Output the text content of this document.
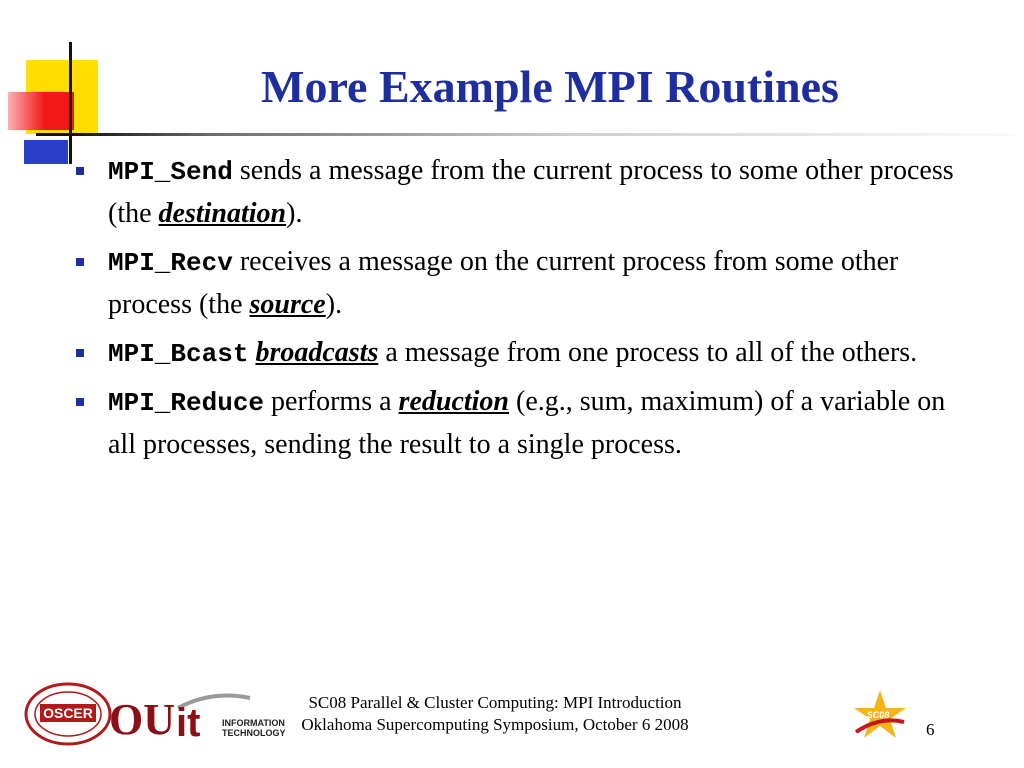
More Example MPI Routines
MPI_Send sends a message from the current process to some other process (the destination).
MPI_Recv receives a message on the current process from some other process (the source).
MPI_Bcast broadcasts a message from one process to all of the others.
MPI_Reduce performs a reduction (e.g., sum, maximum) of a variable on all processes, sending the result to a single process.
OSCER OU it INFORMATION
TECHNOLOGY
SC08
SC08 Parallel & Cluster Computing: MPI Introduction
Oklahoma Supercomputing Symposium, October 6 2008	6
